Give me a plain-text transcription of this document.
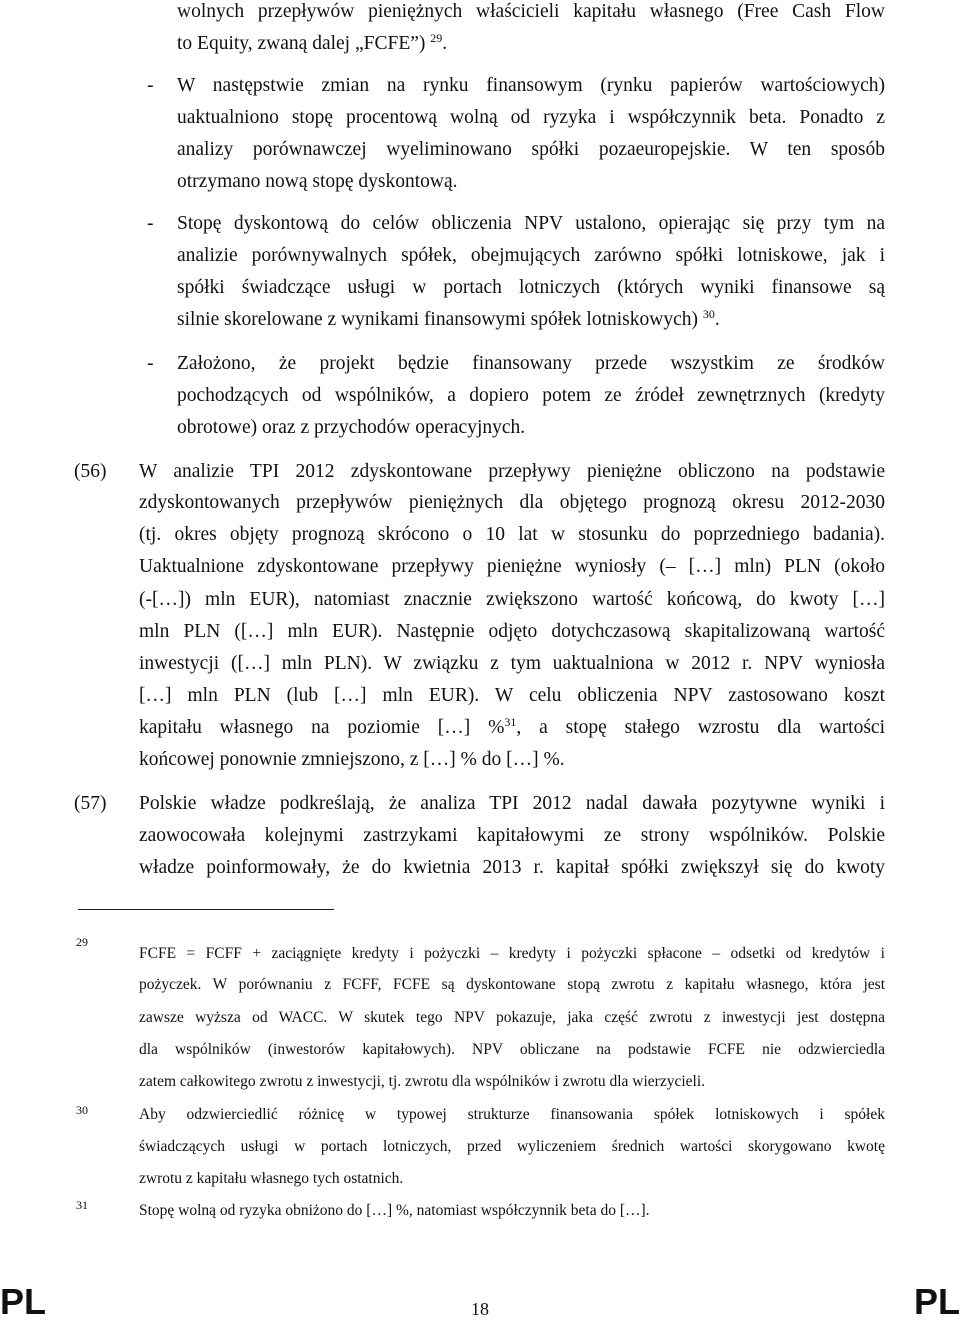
wolnych przepływów pieniężnych właścicieli kapitału własnego (Free Cash Flow
to Equity, zwaną dalej „FCFE”) $^{29}$.
- W następstwie zmian na rynku finansowym (rynku papierów wartościowych)
uaktualniono stopę procentową wolną od ryzyka i współczynnik beta. Ponadto z
analizy porównawczej wyeliminowano spółki pozaeuropejskie. W ten sposób
otrzymano nową stopę dyskontową.
- Stopę dyskontową do celów obliczenia NPV ustalono, opierając się przy tym na
analizie porównywalnych spółek, obejmujących zarówno spółki lotniskowe, jak i
spółki świadczące usługi w portach lotniczych (których wyniki finansowe są
silnie skorelowane z wynikami finansowymi spółek lotniskowych) $^{30}$.
- Założono, że projekt będzie finansowany przede wszystkim ze środków
pochodzących od wspólników, a dopiero potem ze źródeł zewnętrznych (kredyty
obrotowe) oraz z przychodów operacyjnych.
(56) W analizie TPI 2012 zdyskontowane przepływy pieniężne obliczono na podstawie
zdyskontowanych przepływów pieniężnych dla objętego prognozą okresu 2012-2030
(tj. okres objęty prognozą skrócono o 10 lat w stosunku do poprzedniego badania).
Uaktualnione zdyskontowane przepływy pieniężne wyniosły (– […] mln) PLN (około
(-[…]) mln EUR), natomiast znacznie zwiększono wartość końcową, do kwoty […]
mln PLN ([…] mln EUR). Następnie odjęto dotychczasową skapitalizowaną wartość
inwestycji ([…] mln PLN). W związku z tym uaktualniona w 2012 r. NPV wyniosła
[…] mln PLN (lub […] mln EUR). W celu obliczenia NPV zastosowano koszt
kapitału własnego na poziomie […] %$^{31}$, a stopę stałego wzrostu dla wartości
końcowej ponownie zmniejszono, z […] % do […] %.
(57) Polskie władze podkreślają, że analiza TPI 2012 nadal dawała pozytywne wyniki i
zaowocowała kolejnymi zastrzykami kapitałowymi ze strony wspólników. Polskie
władze poinformowały, że do kwietnia 2013 r. kapitał spółki zwiększył się do kwoty
29
FCFE = FCFF + zaciągnięte kredyty i pożyczki – kredyty i pożyczki spłacone – odsetki od kredytów i
pożyczek. W porównaniu z FCFF, FCFE są dyskontowane stopą zwrotu z kapitału własnego, która jest
zawsze wyższa od WACC. W skutek tego NPV pokazuje, jaka część zwrotu z inwestycji jest dostępna
dla wspólników (inwestorów kapitałowych). NPV obliczane na podstawie FCFE nie odzwierciedla
zatem całkowitego zwrotu z inwestycji, tj. zwrotu dla wspólników i zwrotu dla wierzycieli.
30	Aby odzwierciedlić różnicę w typowej strukturze finansowania spółek lotniskowych i spółek
świadczących usługi w portach lotniczych, przed wyliczeniem średnich wartości skorygowano kwotę
zwrotu z kapitału własnego tych ostatnich.
31	Stopę wolną od ryzyka obniżono do […] %, natomiast współczynnik beta do […].
PL	18	PL
